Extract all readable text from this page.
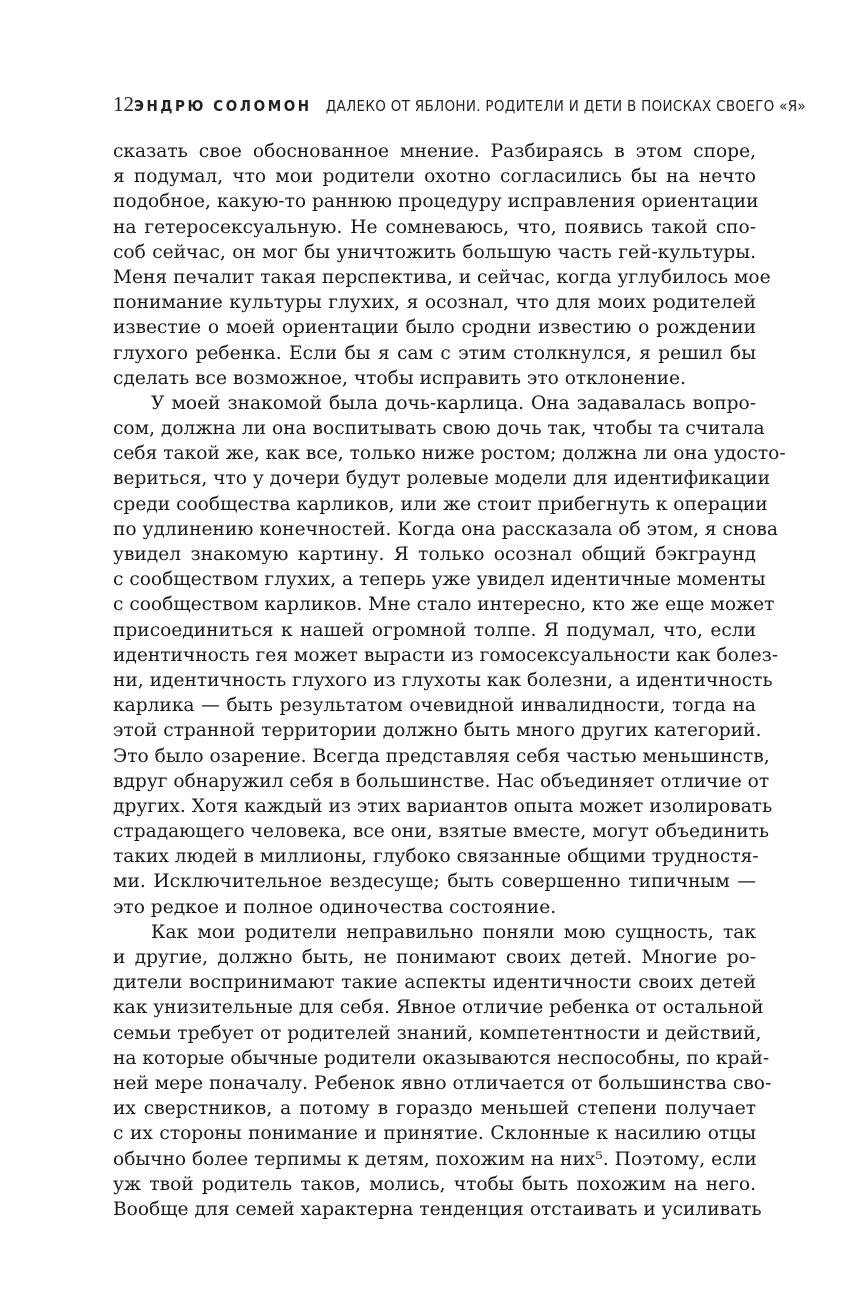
12 ЭНДРЮ СОЛОМОН ДАЛЕКО ОТ ЯБЛОНИ. РОДИТЕЛИ И ДЕТИ В ПОИСКАХ СВОЕГО «Я»
сказать свое обоснованное мнение. Разбираясь в этом споре,
я подумал, что мои родители охотно согласились бы на нечто
подобное, какую-то раннюю процедуру исправления ориентации
на гетеросексуальную. Не сомневаюсь, что, появись такой спо-
соб сейчас, он мог бы уничтожить большую часть гей-культуры.
Меня печалит такая перспектива, и сейчас, когда углубилось мое
понимание культуры глухих, я осознал, что для моих родителей
известие о моей ориентации было сродни известию о рождении
глухого ребенка. Если бы я сам с этим столкнулся, я решил бы
сделать все возможное, чтобы исправить это отклонение.
У моей знакомой была дочь-карлица. Она задавалась вопро-
сом, должна ли она воспитывать свою дочь так, чтобы та считала
себя такой же, как все, только ниже ростом; должна ли она удосто-
вериться, что у дочери будут ролевые модели для идентификации
среди сообщества карликов, или же стоит прибегнуть к операции
по удлинению конечностей. Когда она рассказала об этом, я снова
увидел знакомую картину. Я только осознал общий бэкграунд
с сообществом глухих, а теперь уже увидел идентичные моменты
с сообществом карликов. Мне стало интересно, кто же еще может
присоединиться к нашей огромной толпе. Я подумал, что, если
идентичность гея может вырасти из гомосексуальности как болез-
ни, идентичность глухого из глухоты как болезни, а идентичность
карлика — быть результатом очевидной инвалидности, тогда на
этой странной территории должно быть много других категорий.
Это было озарение. Всегда представляя себя частью меньшинств,
вдруг обнаружил себя в большинстве. Нас объединяет отличие от
других. Хотя каждый из этих вариантов опыта может изолировать
страдающего человека, все они, взятые вместе, могут объединить
таких людей в миллионы, глубоко связанные общими трудностя-
ми. Исключительное вездесуще; быть совершенно типичным —
это редкое и полное одиночества состояние.
Как мои родители неправильно поняли мою сущность, так
и другие, должно быть, не понимают своих детей. Многие ро-
дители воспринимают такие аспекты идентичности своих детей
как унизительные для себя. Явное отличие ребенка от остальной
семьи требует от родителей знаний, компетентности и действий,
на которые обычные родители оказываются неспособны, по край-
ней мере поначалу. Ребенок явно отличается от большинства сво-
их сверстников, а потому в гораздо меньшей степени получает
с их стороны понимание и принятие. Склонные к насилию отцы
обычно более терпимы к детям, похожим на них⁵. Поэтому, если
уж твой родитель таков, молись, чтобы быть похожим на него.
Вообще для семей характерна тенденция отстаивать и усиливать
